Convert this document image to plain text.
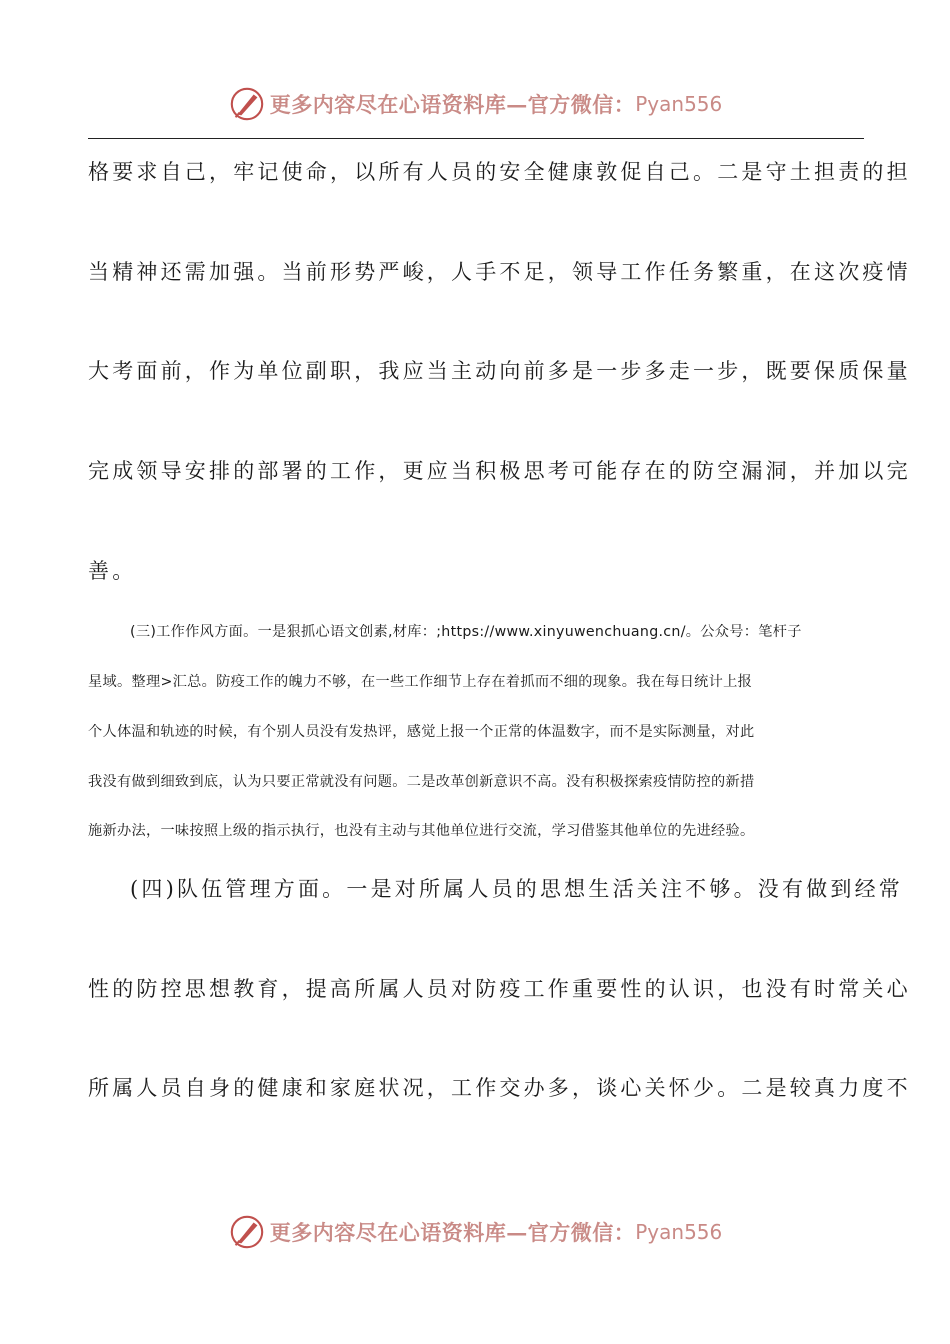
更多内容尽在心语资料库—官方微信： Pyan556
格要求自己，牢记使命，以所有人员的安全健康敦促自己。二是守土担责的担
当精神还需加强。当前形势严峻，人手不足，领导工作任务繁重，在这次疫情
大考面前，作为单位副职，我应当主动向前多是一步多走一步，既要保质保量
完成领导安排的部署的工作，更应当积极思考可能存在的防空漏洞，并加以完
善。
(三)工作作风方面。一是狠抓心语文创素,材库：;https://www.xinyuwenchuang.cn/。公众号：笔杆子
星域。整理>汇总。防疫工作的魄力不够，在一些工作细节上存在着抓而不细的现象。我在每日统计上报
个人体温和轨迹的时候，有个别人员没有发热评，感觉上报一个正常的体温数字，而不是实际测量，对此
我没有做到细致到底，认为只要正常就没有问题。二是改革创新意识不高。没有积极探索疫情防控的新措
施新办法，一味按照上级的指示执行，也没有主动与其他单位进行交流，学习借鉴其他单位的先进经验。
(四)队伍管理方面。一是对所属人员的思想生活关注不够。没有做到经常
性的防控思想教育，提高所属人员对防疫工作重要性的认识，也没有时常关心
所属人员自身的健康和家庭状况，工作交办多，谈心关怀少。二是较真力度不
更多内容尽在心语资料库—官方微信： Pyan556
